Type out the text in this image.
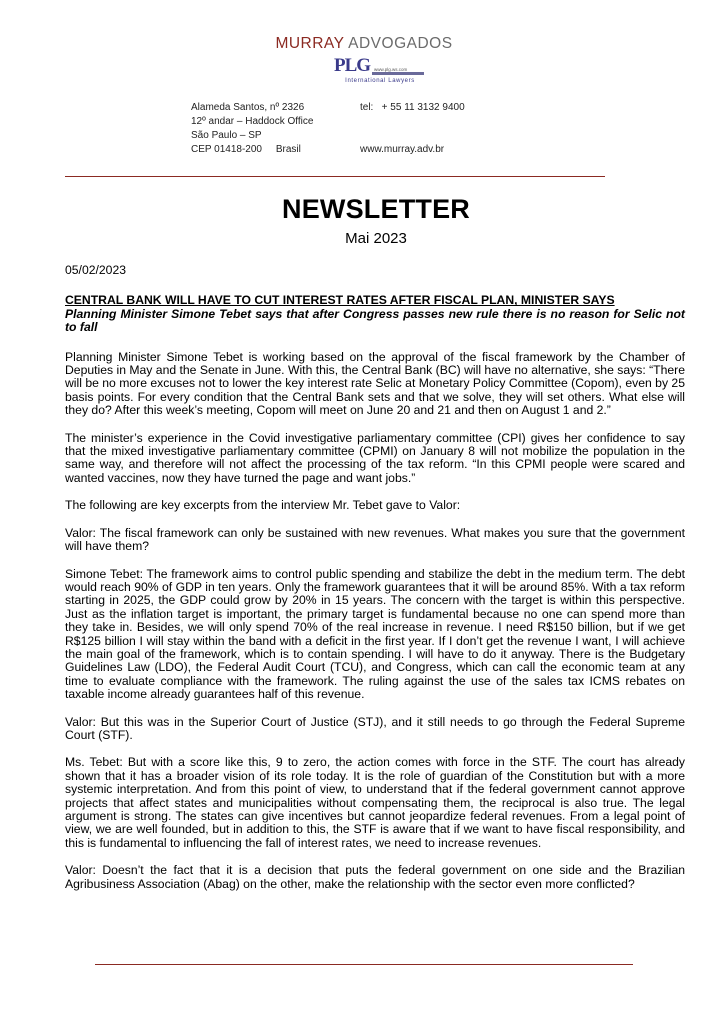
MURRAY ADVOGADOS
PLG www.plg.ws.com
International Lawyers
Alameda Santos, nº 2326
12º andar – Haddock Office
São Paulo – SP
CEP 01418-200     Brasil
tel:   + 55 11 3132 9400
www.murray.adv.br
NEWSLETTER
Mai 2023

05/02/2023

CENTRAL BANK WILL HAVE TO CUT INTEREST RATES AFTER FISCAL PLAN, MINISTER SAYS

Planning Minister Simone Tebet says that after Congress passes new rule there is no reason for Selic not to fall

Planning Minister Simone Tebet is working based on the approval of the fiscal framework by the Chamber of Deputies in May and the Senate in June. With this, the Central Bank (BC) will have no alternative, she says: “There will be no more excuses not to lower the key interest rate Selic at Monetary Policy Committee (Copom), even by 25 basis points. For every condition that the Central Bank sets and that we solve, they will set others. What else will they do? After this week’s meeting, Copom will meet on June 20 and 21 and then on August 1 and 2.”

The minister’s experience in the Covid investigative parliamentary committee (CPI) gives her confidence to say that the mixed investigative parliamentary committee (CPMI) on January 8 will not mobilize the population in the same way, and therefore will not affect the processing of the tax reform. “In this CPMI people were scared and wanted vaccines, now they have turned the page and want jobs.”

The following are key excerpts from the interview Mr. Tebet gave to Valor:

Valor: The fiscal framework can only be sustained with new revenues. What makes you sure that the government will have them?

Simone Tebet: The framework aims to control public spending and stabilize the debt in the medium term. The debt would reach 90% of GDP in ten years. Only the framework guarantees that it will be around 85%. With a tax reform starting in 2025, the GDP could grow by 20% in 15 years. The concern with the target is within this perspective. Just as the inflation target is important, the primary target is fundamental because no one can spend more than they take in. Besides, we will only spend 70% of the real increase in revenue. I need R$150 billion, but if we get R$125 billion I will stay within the band with a deficit in the first year. If I don’t get the revenue I want, I will achieve the main goal of the framework, which is to contain spending. I will have to do it anyway. There is the Budgetary Guidelines Law (LDO), the Federal Audit Court (TCU), and Congress, which can call the economic team at any time to evaluate compliance with the framework. The ruling against the use of the sales tax ICMS rebates on taxable income already guarantees half of this revenue.

Valor: But this was in the Superior Court of Justice (STJ), and it still needs to go through the Federal Supreme Court (STF).

Ms. Tebet: But with a score like this, 9 to zero, the action comes with force in the STF. The court has already shown that it has a broader vision of its role today. It is the role of guardian of the Constitution but with a more systemic interpretation. And from this point of view, to understand that if the federal government cannot approve projects that affect states and municipalities without compensating them, the reciprocal is also true. The legal argument is strong. The states can give incentives but cannot jeopardize federal revenues. From a legal point of view, we are well founded, but in addition to this, the STF is aware that if we want to have fiscal responsibility, and this is fundamental to influencing the fall of interest rates, we need to increase revenues.

Valor: Doesn’t the fact that it is a decision that puts the federal government on one side and the Brazilian Agribusiness Association (Abag) on the other, make the relationship with the sector even more conflicted?
